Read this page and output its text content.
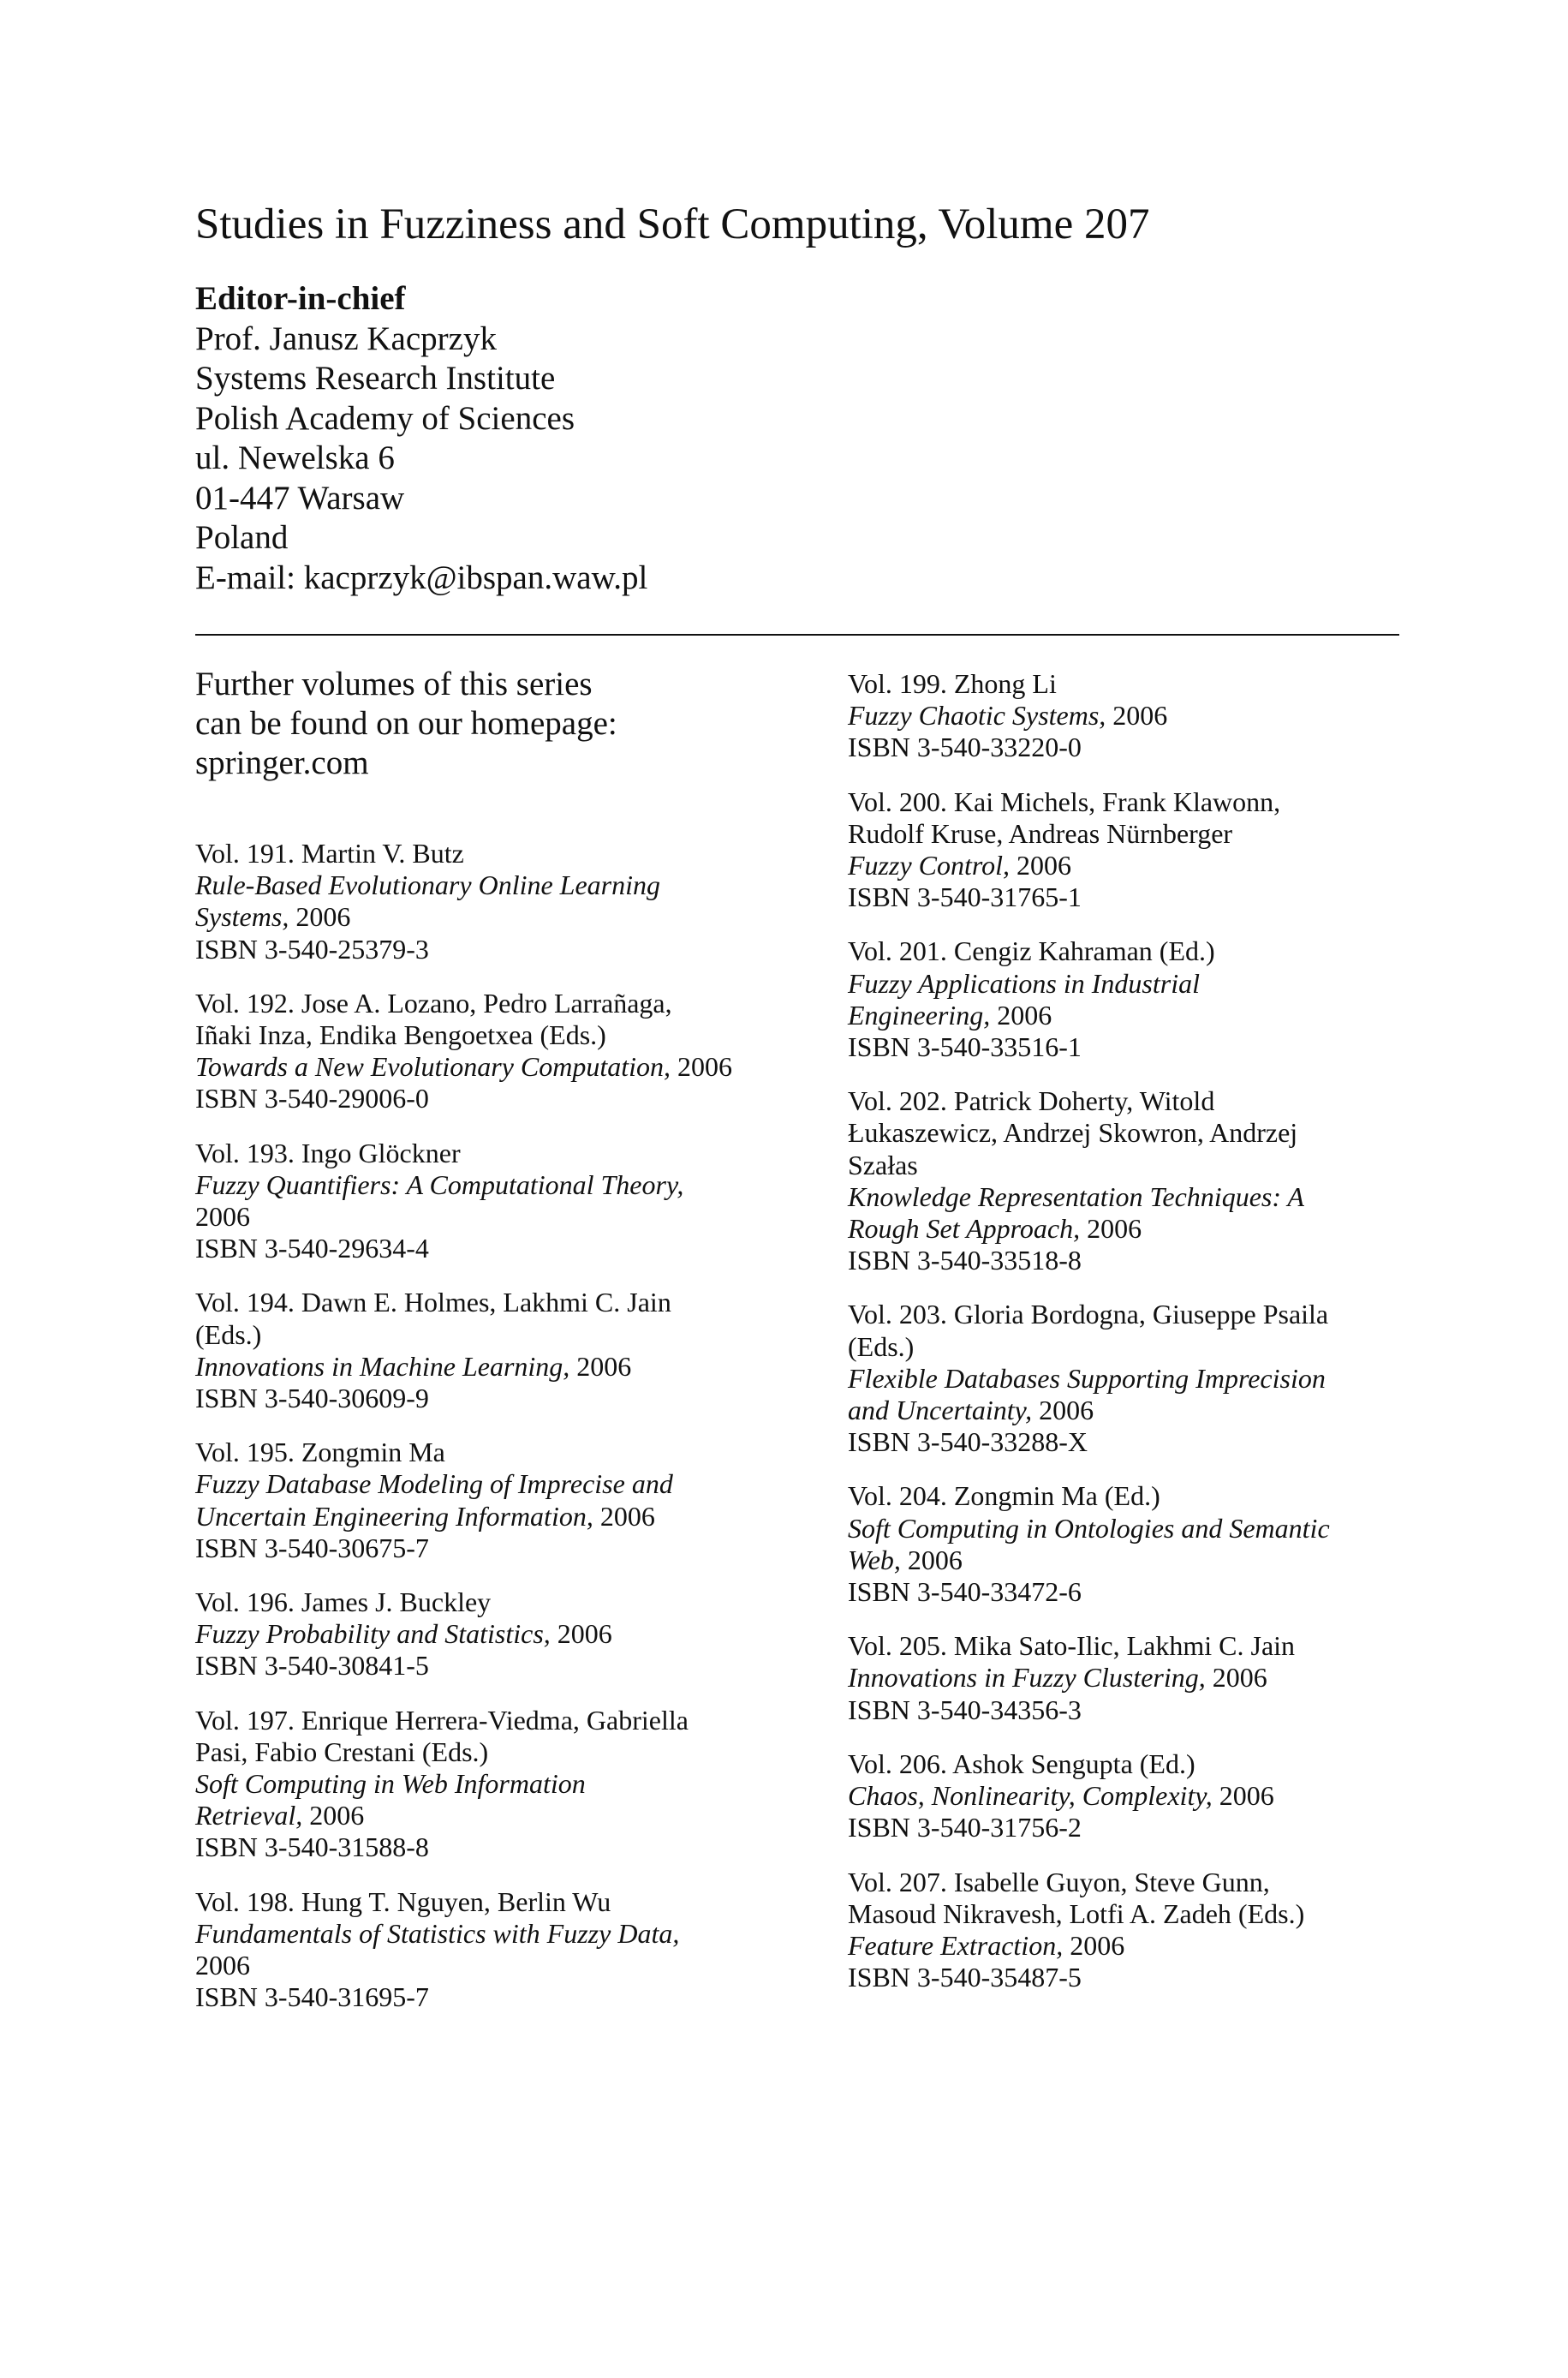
Studies in Fuzziness and Soft Computing, Volume 207
Editor-in-chief
Prof. Janusz Kacprzyk
Systems Research Institute
Polish Academy of Sciences
ul. Newelska 6
01-447 Warsaw
Poland
E-mail: kacprzyk@ibspan.waw.pl
Further volumes of this series
can be found on our homepage:
springer.com
Vol. 191. Martin V. Butz
Rule-Based Evolutionary Online Learning
Systems, 2006
ISBN 3-540-25379-3
Vol. 192. Jose A. Lozano, Pedro Larrañaga,
Iñaki Inza, Endika Bengoetxea (Eds.)
Towards a New Evolutionary Computation, 2006
ISBN 3-540-29006-0
Vol. 193. Ingo Glöckner
Fuzzy Quantifiers: A Computational Theory,
2006
ISBN 3-540-29634-4
Vol. 194. Dawn E. Holmes, Lakhmi C. Jain
(Eds.)
Innovations in Machine Learning, 2006
ISBN 3-540-30609-9
Vol. 195. Zongmin Ma
Fuzzy Database Modeling of Imprecise and
Uncertain Engineering Information, 2006
ISBN 3-540-30675-7
Vol. 196. James J. Buckley
Fuzzy Probability and Statistics, 2006
ISBN 3-540-30841-5
Vol. 197. Enrique Herrera-Viedma, Gabriella
Pasi, Fabio Crestani (Eds.)
Soft Computing in Web Information
Retrieval, 2006
ISBN 3-540-31588-8
Vol. 198. Hung T. Nguyen, Berlin Wu
Fundamentals of Statistics with Fuzzy Data,
2006
ISBN 3-540-31695-7
Vol. 199. Zhong Li
Fuzzy Chaotic Systems, 2006
ISBN 3-540-33220-0
Vol. 200. Kai Michels, Frank Klawonn,
Rudolf Kruse, Andreas Nürnberger
Fuzzy Control, 2006
ISBN 3-540-31765-1
Vol. 201. Cengiz Kahraman (Ed.)
Fuzzy Applications in Industrial
Engineering, 2006
ISBN 3-540-33516-1
Vol. 202. Patrick Doherty, Witold
Łukaszewicz, Andrzej Skowron, Andrzej
Szałas
Knowledge Representation Techniques: A
Rough Set Approach, 2006
ISBN 3-540-33518-8
Vol. 203. Gloria Bordogna, Giuseppe Psaila
(Eds.)
Flexible Databases Supporting Imprecision
and Uncertainty, 2006
ISBN 3-540-33288-X
Vol. 204. Zongmin Ma (Ed.)
Soft Computing in Ontologies and Semantic
Web, 2006
ISBN 3-540-33472-6
Vol. 205. Mika Sato-Ilic, Lakhmi C. Jain
Innovations in Fuzzy Clustering, 2006
ISBN 3-540-34356-3
Vol. 206. Ashok Sengupta (Ed.)
Chaos, Nonlinearity, Complexity, 2006
ISBN 3-540-31756-2
Vol. 207. Isabelle Guyon, Steve Gunn,
Masoud Nikravesh, Lotfi A. Zadeh (Eds.)
Feature Extraction, 2006
ISBN 3-540-35487-5
